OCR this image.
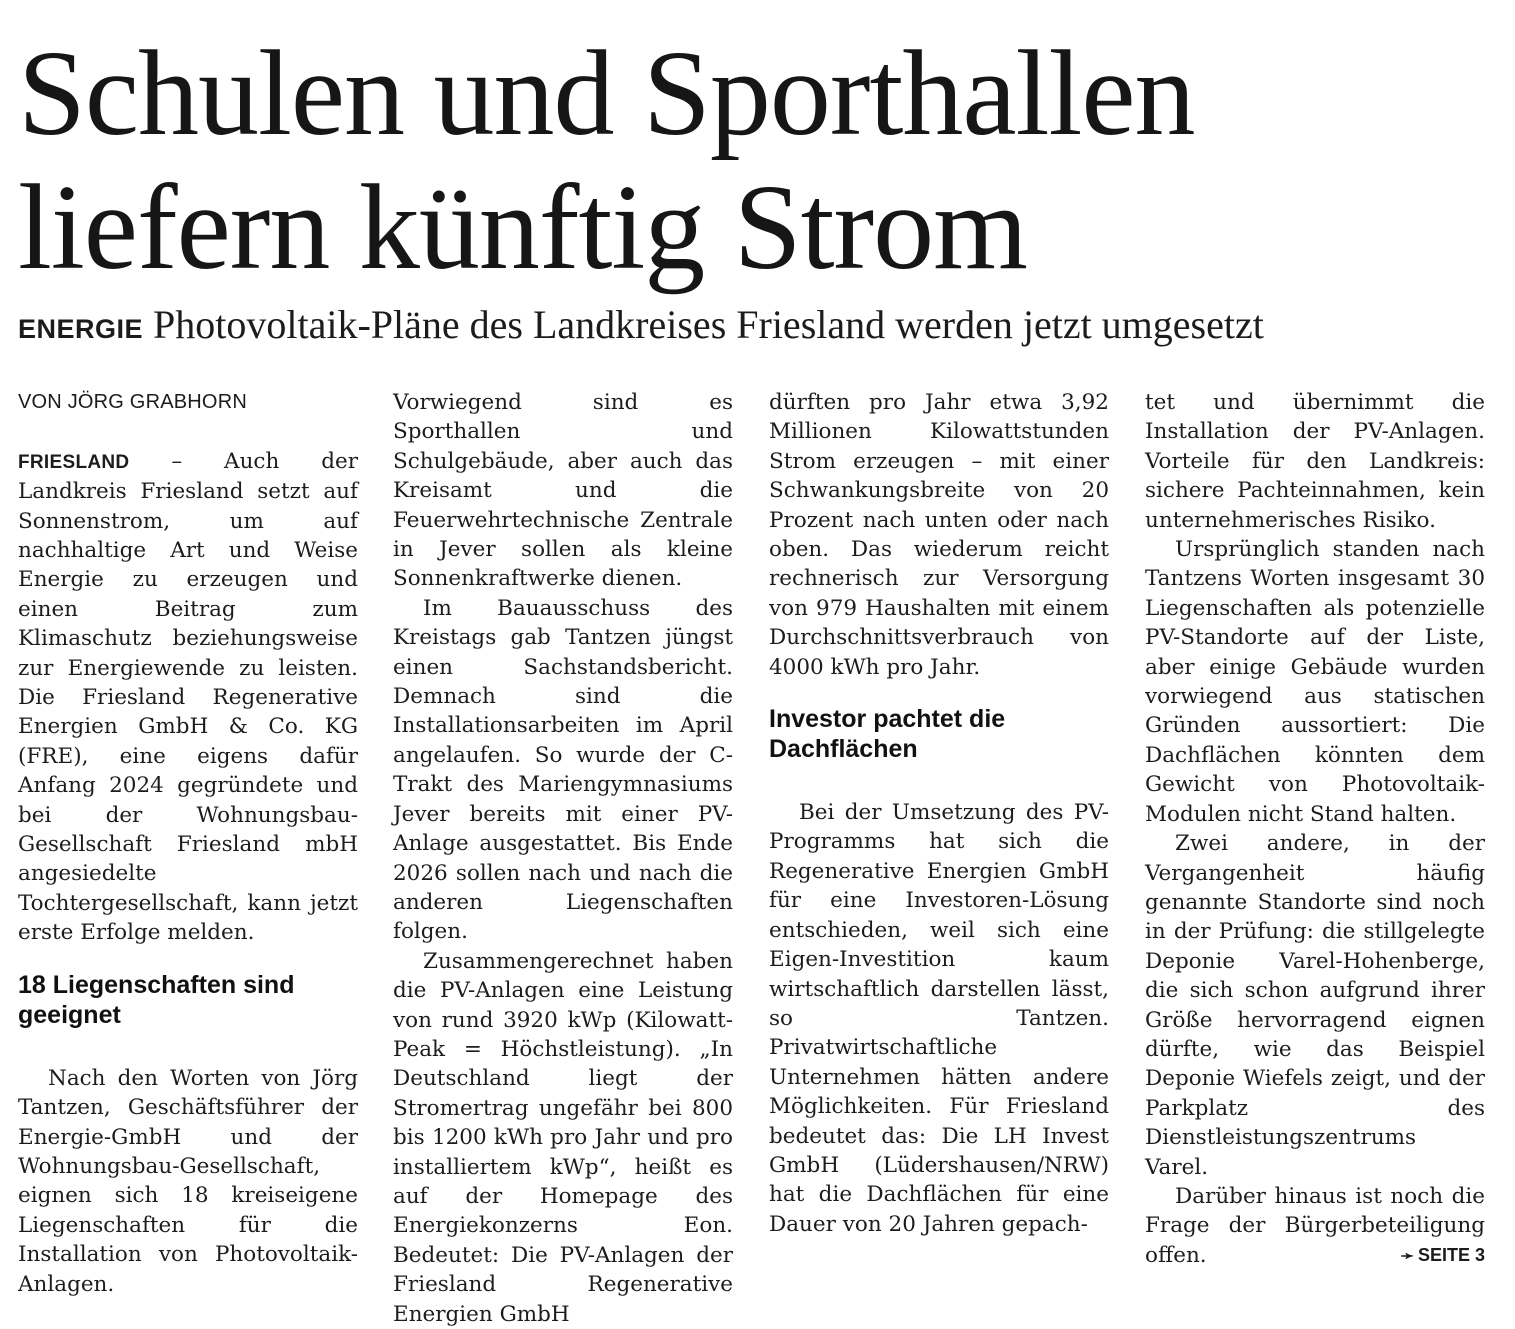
Schulen und Sporthallen
liefern künftig Strom
ENERGIE Photovoltaik-Pläne des Landkreises Friesland werden jetzt umgesetzt
VON JÖRG GRABHORN

FRIESLAND – Auch der Landkreis Friesland setzt auf Sonnenstrom, um auf nachhaltige Art und Weise Energie zu erzeugen und einen Beitrag zum Klimaschutz beziehungsweise zur Energiewende zu leisten. Die Friesland Regenerative Energien GmbH & Co. KG (FRE), eine eigens dafür Anfang 2024 gegründete und bei der Wohnungsbau-Gesellschaft Friesland mbH angesiedelte Tochtergesellschaft, kann jetzt erste Erfolge melden.

18 Liegenschaften sind geeignet

Nach den Worten von Jörg Tantzen, Geschäftsführer der Energie-GmbH und der Wohnungsbau-Gesellschaft, eignen sich 18 kreiseigene Liegenschaften für die Installation von Photovoltaik-Anlagen.

Vorwiegend sind es Sporthallen und Schulgebäude, aber auch das Kreisamt und die Feuerwehrtechnische Zentrale in Jever sollen als kleine Sonnenkraftwerke dienen.

Im Bauausschuss des Kreistags gab Tantzen jüngst einen Sachstandsbericht. Demnach sind die Installationsarbeiten im April angelaufen. So wurde der C-Trakt des Mariengymnasiums Jever bereits mit einer PV-Anlage ausgestattet. Bis Ende 2026 sollen nach und nach die anderen Liegenschaften folgen.

Zusammengerechnet haben die PV-Anlagen eine Leistung von rund 3920 kWp (Kilowatt-Peak = Höchstleistung). „In Deutschland liegt der Stromertrag ungefähr bei 800 bis 1200 kWh pro Jahr und pro installiertem kWp“, heißt es auf der Homepage des Energiekonzerns Eon. Bedeutet: Die PV-Anlagen der Friesland Regenerative Energien GmbH

dürften pro Jahr etwa 3,92 Millionen Kilowattstunden Strom erzeugen – mit einer Schwankungsbreite von 20 Prozent nach unten oder nach oben. Das wiederum reicht rechnerisch zur Versorgung von 979 Haushalten mit einem Durchschnittsverbrauch von 4000 kWh pro Jahr.

Investor pachtet die Dachflächen

Bei der Umsetzung des PV-Programms hat sich die Regenerative Energien GmbH für eine Investoren-Lösung entschieden, weil sich eine Eigen-Investition kaum wirtschaftlich darstellen lässt, so Tantzen. Privatwirtschaftliche Unternehmen hätten andere Möglichkeiten. Für Friesland bedeutet das: Die LH Invest GmbH (Lüdershausen/NRW) hat die Dachflächen für eine Dauer von 20 Jahren gepach-

tet und übernimmt die Installation der PV-Anlagen. Vorteile für den Landkreis: sichere Pachteinnahmen, kein unternehmerisches Risiko.

Ursprünglich standen nach Tantzens Worten insgesamt 30 Liegenschaften als potenzielle PV-Standorte auf der Liste, aber einige Gebäude wurden vorwiegend aus statischen Gründen aussortiert: Die Dachflächen könnten dem Gewicht von Photovoltaik-Modulen nicht Stand halten.

Zwei andere, in der Vergangenheit häufig genannte Standorte sind noch in der Prüfung: die stillgelegte Deponie Varel-Hohenberge, die sich schon aufgrund ihrer Größe hervorragend eignen dürfte, wie das Beispiel Deponie Wiefels zeigt, und der Parkplatz des Dienstleistungszentrums Varel.

Darüber hinaus ist noch die Frage der Bürgerbeteiligung offen.	➛ SEITE 3
